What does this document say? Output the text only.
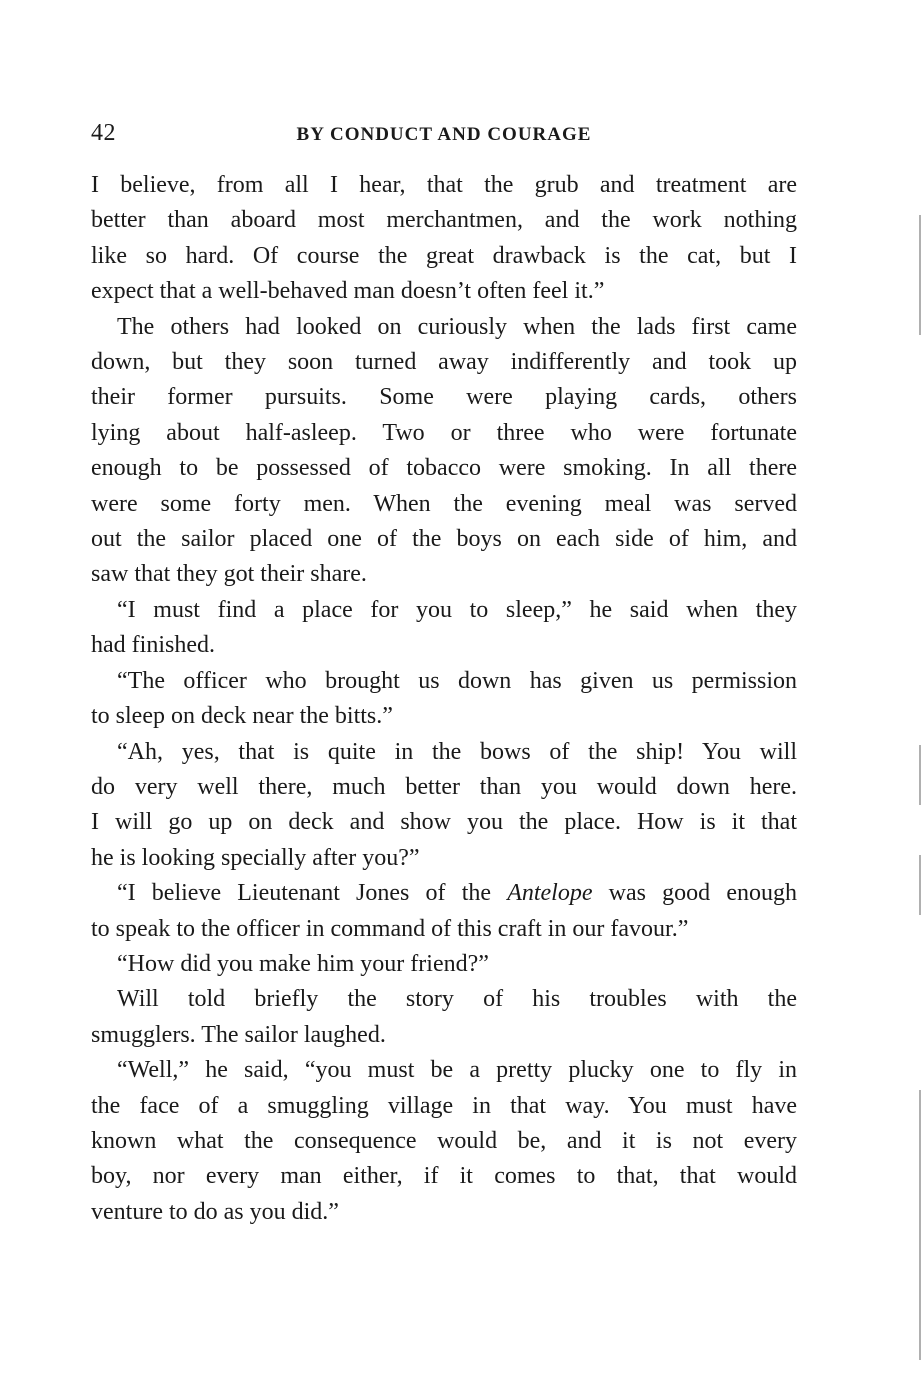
42	BY CONDUCT AND COURAGE

I believe, from all I hear, that the grub and treatment are

better than aboard most merchantmen, and the work nothing

like so hard. Of course the great drawback is the cat, but I

expect that a well-behaved man doesn’t often feel it.”

The others had looked on curiously when the lads first came

down, but they soon turned away indifferently and took up

their former pursuits. Some were playing cards, others

lying about half-asleep. Two or three who were fortunate

enough to be possessed of tobacco were smoking. In all there

were some forty men. When the evening meal was served

out the sailor placed one of the boys on each side of him, and

saw that they got their share.

“I must find a place for you to sleep,” he said when they

had finished.

“The officer who brought us down has given us permission

to sleep on deck near the bitts.”

“Ah, yes, that is quite in the bows of the ship! You will

do very well there, much better than you would down here.

I will go up on deck and show you the place. How is it that

he is looking specially after you?”

“I believe Lieutenant Jones of the Antelope was good enough

to speak to the officer in command of this craft in our favour.”

“How did you make him your friend?”

Will told briefly the story of his troubles with the

smugglers. The sailor laughed.

“Well,” he said, “you must be a pretty plucky one to fly in

the face of a smuggling village in that way. You must have

known what the consequence would be, and it is not every

boy, nor every man either, if it comes to that, that would

venture to do as you did.”
